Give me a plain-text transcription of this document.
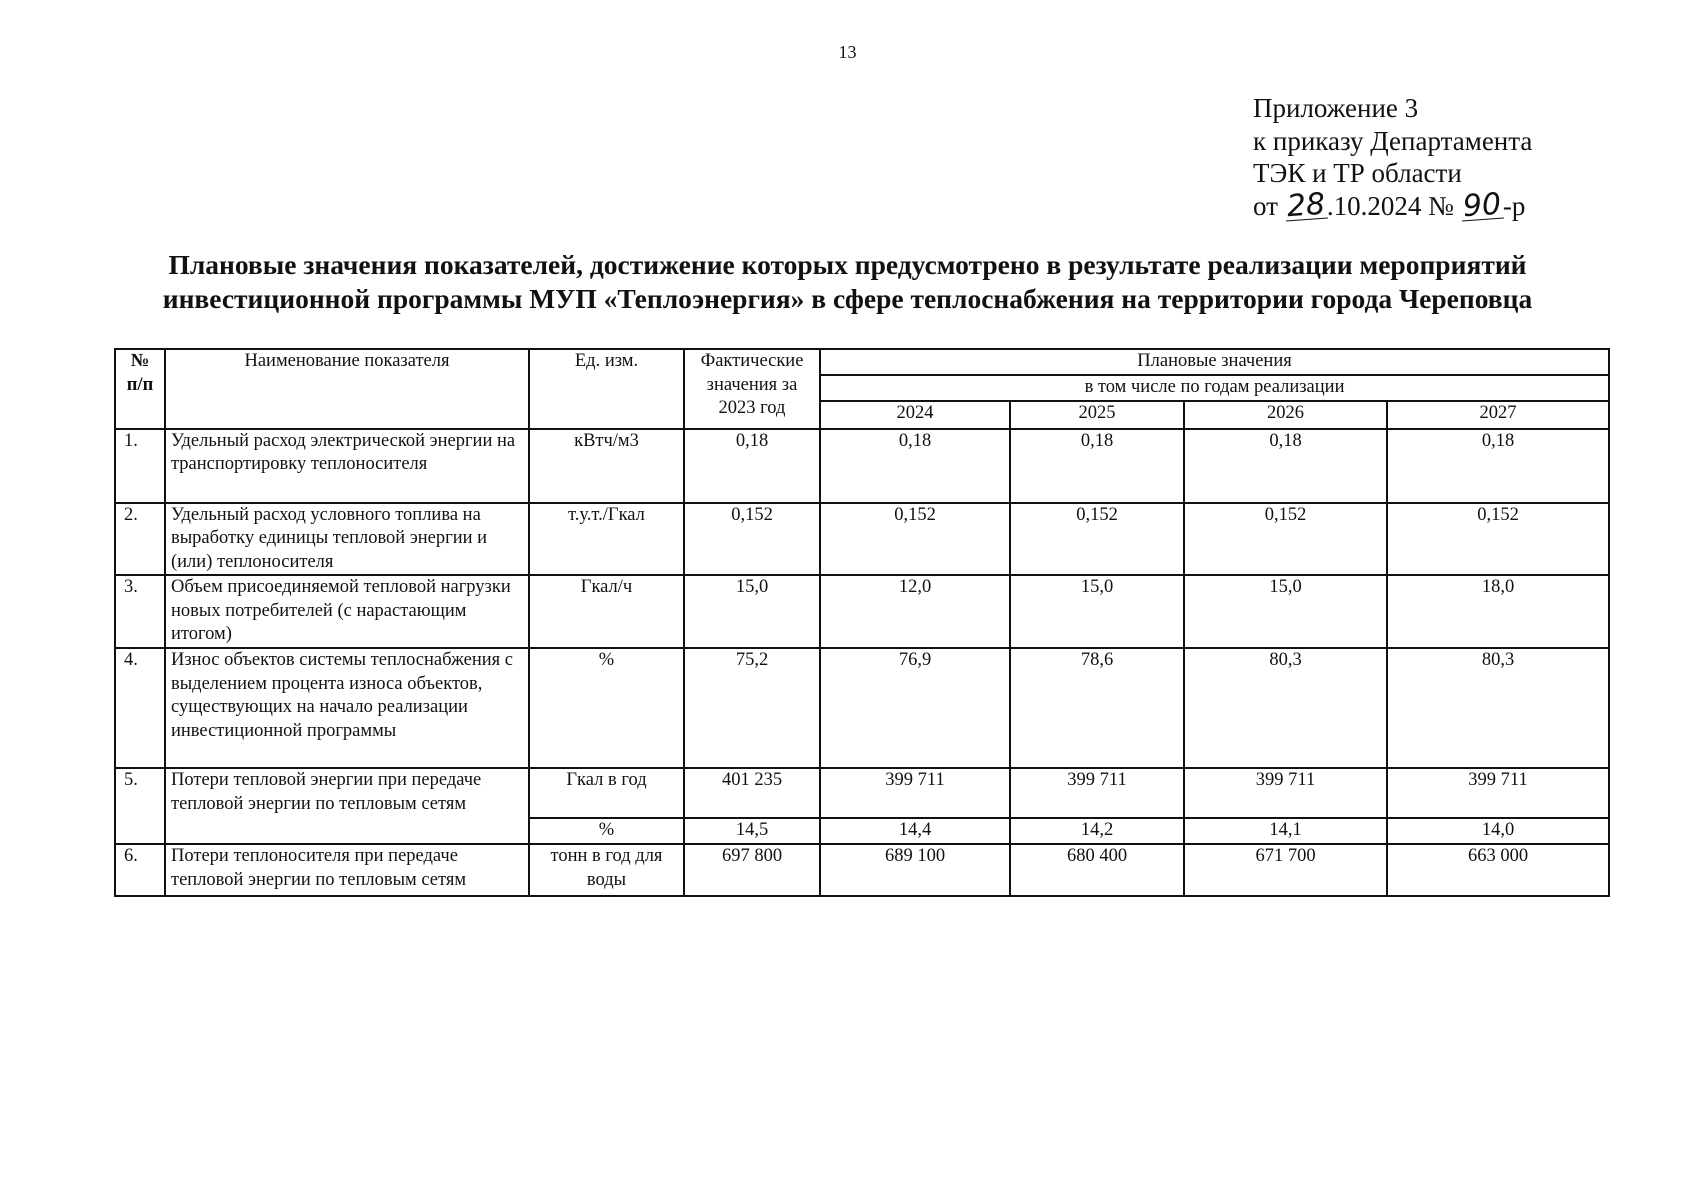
13
Приложение 3
к приказу Департамента
ТЭК и ТР области
от 28.10.2024 № 90-р
Плановые значения показателей, достижение которых предусмотрено в результате реализации мероприятий
инвестиционной программы МУП «Теплоэнергия» в сфере теплоснабжения на территории города Череповца
№ п/п	Наименование показателя	Ед. изм.	Фактические значения за 2023 год	Плановые значения			
				в том числе по годам реализации			
				2024	2025	2026	2027
1.	Удельный расход электрической энергии на транспортировку теплоносителя	кВтч/м3	0,18	0,18	0,18	0,18	0,18
2.	Удельный расход условного топлива на выработку единицы тепловой энергии и (или) теплоносителя	т.у.т./Гкал	0,152	0,152	0,152	0,152	0,152
3.	Объем присоединяемой тепловой нагрузки новых потребителей (с нарастающим итогом)	Гкал/ч	15,0	12,0	15,0	15,0	18,0
4.	Износ объектов системы теплоснабжения с выделением процента износа объектов, существующих на начало реализации инвестиционной программы	%	75,2	76,9	78,6	80,3	80,3
5.	Потери тепловой энергии при передаче тепловой энергии по тепловым сетям	Гкал в год	401 235	399 711	399 711	399 711	399 711
		%	14,5	14,4	14,2	14,1	14,0
6.	Потери теплоносителя при передаче тепловой энергии по тепловым сетям	тонн в год для воды	697 800	689 100	680 400	671 700	663 000
